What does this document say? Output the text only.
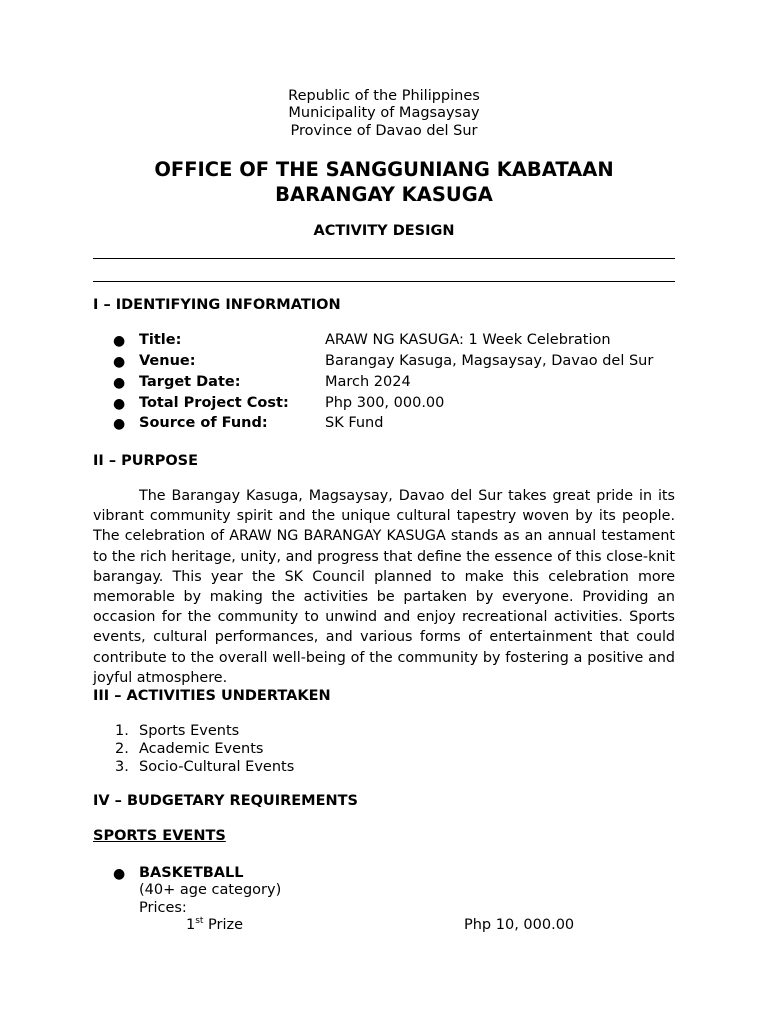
Republic of the Philippines
Municipality of Magsaysay
Province of Davao del Sur
OFFICE OF THE SANGGUNIANG KABATAAN
BARANGAY KASUGA
ACTIVITY DESIGN
I – IDENTIFYING INFORMATION
● Title:	ARAW NG KASUGA: 1 Week Celebration
● Venue:	Barangay Kasuga, Magsaysay, Davao del Sur
● Target Date:	March 2024
● Total Project Cost:	Php 300, 000.00
● Source of Fund:	SK Fund
II – PURPOSE
The Barangay Kasuga, Magsaysay, Davao del Sur takes great pride in its vibrant community spirit and the unique cultural tapestry woven by its people. The celebration of ARAW NG BARANGAY KASUGA stands as an annual testament to the rich heritage, unity, and progress that define the essence of this close-knit barangay. This year the SK Council planned to make this celebration more memorable by making the activities be partaken by everyone. Providing an occasion for the community to unwind and enjoy recreational activities. Sports events, cultural performances, and various forms of entertainment that could contribute to the overall well-being of the community by fostering a positive and joyful atmosphere.
III – ACTIVITIES UNDERTAKEN
1. Sports Events
2. Academic Events
3. Socio-Cultural Events
IV – BUDGETARY REQUIREMENTS
SPORTS EVENTS
● BASKETBALL
(40+ age category)
Prices:
1st Prize	Php 10, 000.00
